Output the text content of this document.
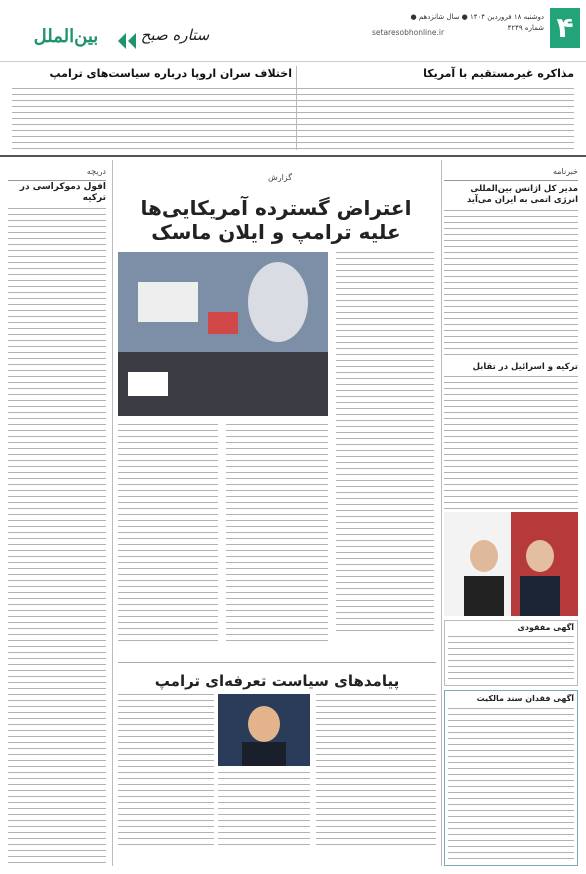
۴
دوشنبه ۱۸ فروردین ۱۴۰۴ ● سال شانزدهم ● شماره ۴۲۴۹
setaresobhonline.ir
ستاره صبح
بین‌الملل
مذاکره غیرمستقیم با آمریکا
اختلاف سران اروپا درباره سیاست‌های ترامپ
دریچه
افول دموکراسی در ترکیه
گزارش
اعتراض گسترده آمریکایی‌ها
علیه ترامپ و ایلان ماسک
پیامدهای سیاست تعرفه‌ای ترامپ
خبرنامه
مدیر کل آژانس بین‌المللی انرژی اتمی به ایران می‌آید
ترکیه و اسرائیل در تقابل
آگهی مفقودی
آگهی فقدان سند مالکیت
